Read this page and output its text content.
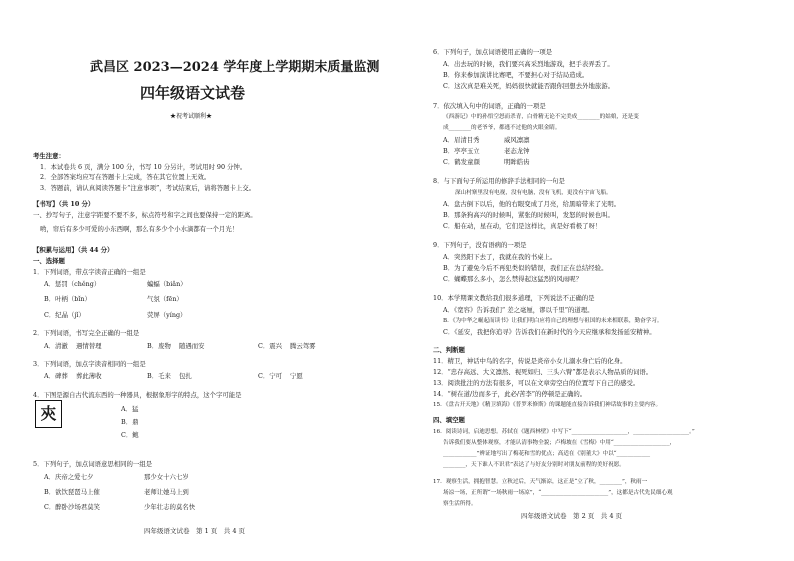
武昌区 2023—2024 学年度上学期期末质量监测
四年级语文试卷
★祝考试顺利★
考生注意：
1．本试卷共 6 页，满分 100 分，书写 10 分另计，考试用时 90 分钟。
2．全部答案均应写在答题卡上完成，答在其它位置上无效。
3．答题前，请认真阅读答题卡“注意事项”，考试结束后，请将答题卡上交。
【书写】（共 10 分）
一、抄写句子，注意字距要不要不多，标点符号和字之间也要保持一定的距离。
哟，帘后有多少可爱的小东西啊，那么有多少个小水滴都有一个月光！
【积累与运用】（共 44 分）
一、选择题
1．下列词语，带点字读音正确的一组是
A．惩罚（chěng）	蝙蝠（biǎn）
B．叶柄（bǐn）	气氛（fēn）
C．纪晶（jǐ）	荧屏（yíng）
2．下列词语，书写完全正确的一组是
A．清澈 遇情替理	B．废物 随遇而安	C．震兴 腾云驾雾
3．下列词语，加点字读音相同的一组是
A．碑葬 葬此薄收	B．乇来 包扎	C．宁可 宁愿
4．下图是源自古代流东西的一种器具，根据象形字的特点，这个字可能是
㚒	A．猛
B．鼎
C．鲍
5．下列句子，加点词语意思相同的一组是
A．庆帝之爱七夕	那少女十六七岁
B．欲饮琵琶马上催	老师让她马上到
C．醉卧沙场君莫笑	少年壮志的莫名快
四年级语文试卷　第 1 页　共 4 页
6．下列句子，加点词语使用正确的一项是
A．出去玩的时候，我们要兴高采烈地游戏，把手表弄丢了。
B．你来参加演讲比赛吧，不要担心对于结局造成。
C．这次真是难关死，妈妈很快就能否跟你回想去外地旅游。
7．依次填入句中的词语，正确的一项是
《西游记》中的孙悟空怒而杀青，白骨精无论不完美成________的姑娘，还是变
成________的老爷爷，都逃不过他的火眼金睛。
A．眉清目秀	威风凛凛
B．亭亭玉立	老态龙钟
C．鹤发童颜	明眸皓齿
8．与下面句子所运用的修辞手法相同的一句是
深山村寨里没有电视，没有电脑，没有飞机，更没有宇宙飞船。
A．盘古倒下以后，他的右眼变成了月亮，给黑暗带来了光明。
B．那条狗高兴的时候叫，紧张的时候叫，发怒的时候也叫。
C．船在动，星在动，它们是这样比，真是好看极了呀！
9．下列句子，没有语病的一项是
A．突然阳下去了，我就在我的书桌上。
B．为了避免今后不再犯类似的错误，我们正在总结经验。
C．蝴蝶那么多小，怎么禁得起这猛烈的风雨呢？
10．本学期课文教给我们很多道理，下列说法不正确的是
A．《宽容》告诉我们“ 差之毫厘，谬以千里”的道理。
B．《为中华之崛起而读书》让我们明白应将自己的理想与祖国的未来相联系，勤奋学习。
C．《延安，我把你追寻》告诉我们在新时代的今天应继承和发扬延安精神。
二、判断题
11．精卫，神话中鸟的名字，传说是炎帝小女儿溺水身亡后的化身。
12．“忠存高远、大义凛然、视死如归、三头六臂”都是表示人物品质的词语。
13．阅读批注的方法有很多，可以在文章旁空白的位置写下自己的感受。
14．“树在道/边而多子，此必/苦李”的停顿是正确的。
15．《盘古开天地》《精卫填海》《普罗米修斯》的课题能直接告诉我们神话故事的主要内容。
四、填空题
16．阅读诗词，启迪思想。苏轼在《题西林壁》中写下“____________________，____________________。”
告诉我们要从整体观察，才能认清事物全貌；卢梅坡在《雪梅》中用“____________________，
____________”辨证地写出了梅花和雪的优点；高适在《别董大》中以“____________
________，天下谁人不识君”表达了与好友分别时对朋友前程的美好祝愿。
17．观察生活，拥抱智慧。立秋过后，天气渐凉，这正是“立了秋，________”，秋雨一
场凉一场，正所谓“一场秋雨一场凉”，“________________________”，这都是古代先民细心观
察生活所得。
四年级语文试卷　第 2 页　共 4 页
